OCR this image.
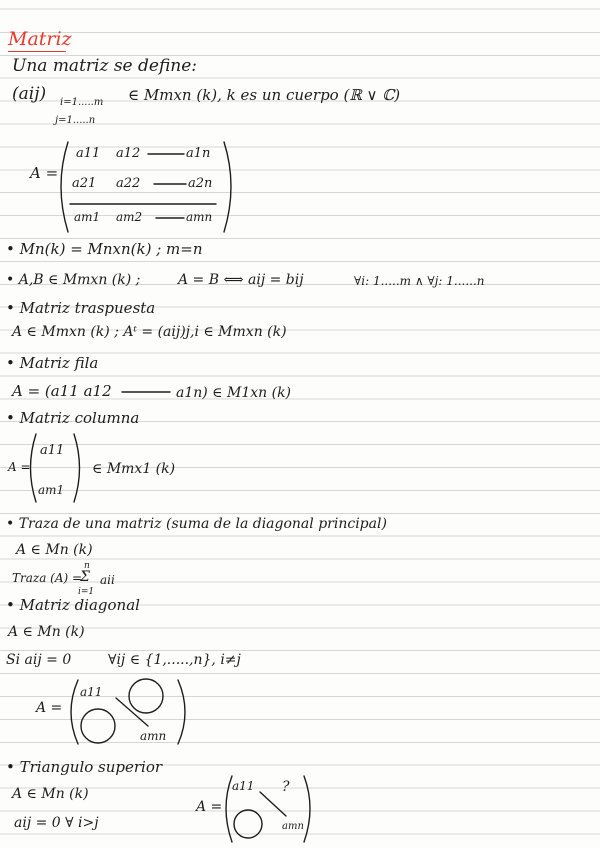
Matriz
Una matriz se define:
(aij) i=1.....m
j=1.....n
∈ Mmxn (k), k es un cuerpo (ℝ ∨ ℂ)
A =
a11 a12	a1n
a21 a22	a2n
am1 am2	amn
• Mn(k) = Mnxn(k) ; m=n
• A,B ∈ Mmxn (k) ;	A = B ⟺ aij = bij	∀i: 1.....m ∧ ∀j: 1......n
• Matriz traspuesta
A ∈ Mmxn (k) ; Aᵗ = (aij)j,i ∈ Mmxn (k)
• Matriz fila
A = (a11 a12	a1n) ∈ M1xn (k)
• Matriz columna
A =
a11
am1
∈ Mmx1 (k)
• Traza de una matriz (suma de la diagonal principal)
A ∈ Mn (k)
Traza (A) =
n
Σ
i=1
aii
• Matriz diagonal
A ∈ Mn (k)
Si aij = 0	∀ij ∈ {1,.....,n}, i≠j
A =
a11
amn
• Triangulo superior
A ∈ Mn (k)
aij = 0 ∀ i>j
A =
a11 ?
amn
